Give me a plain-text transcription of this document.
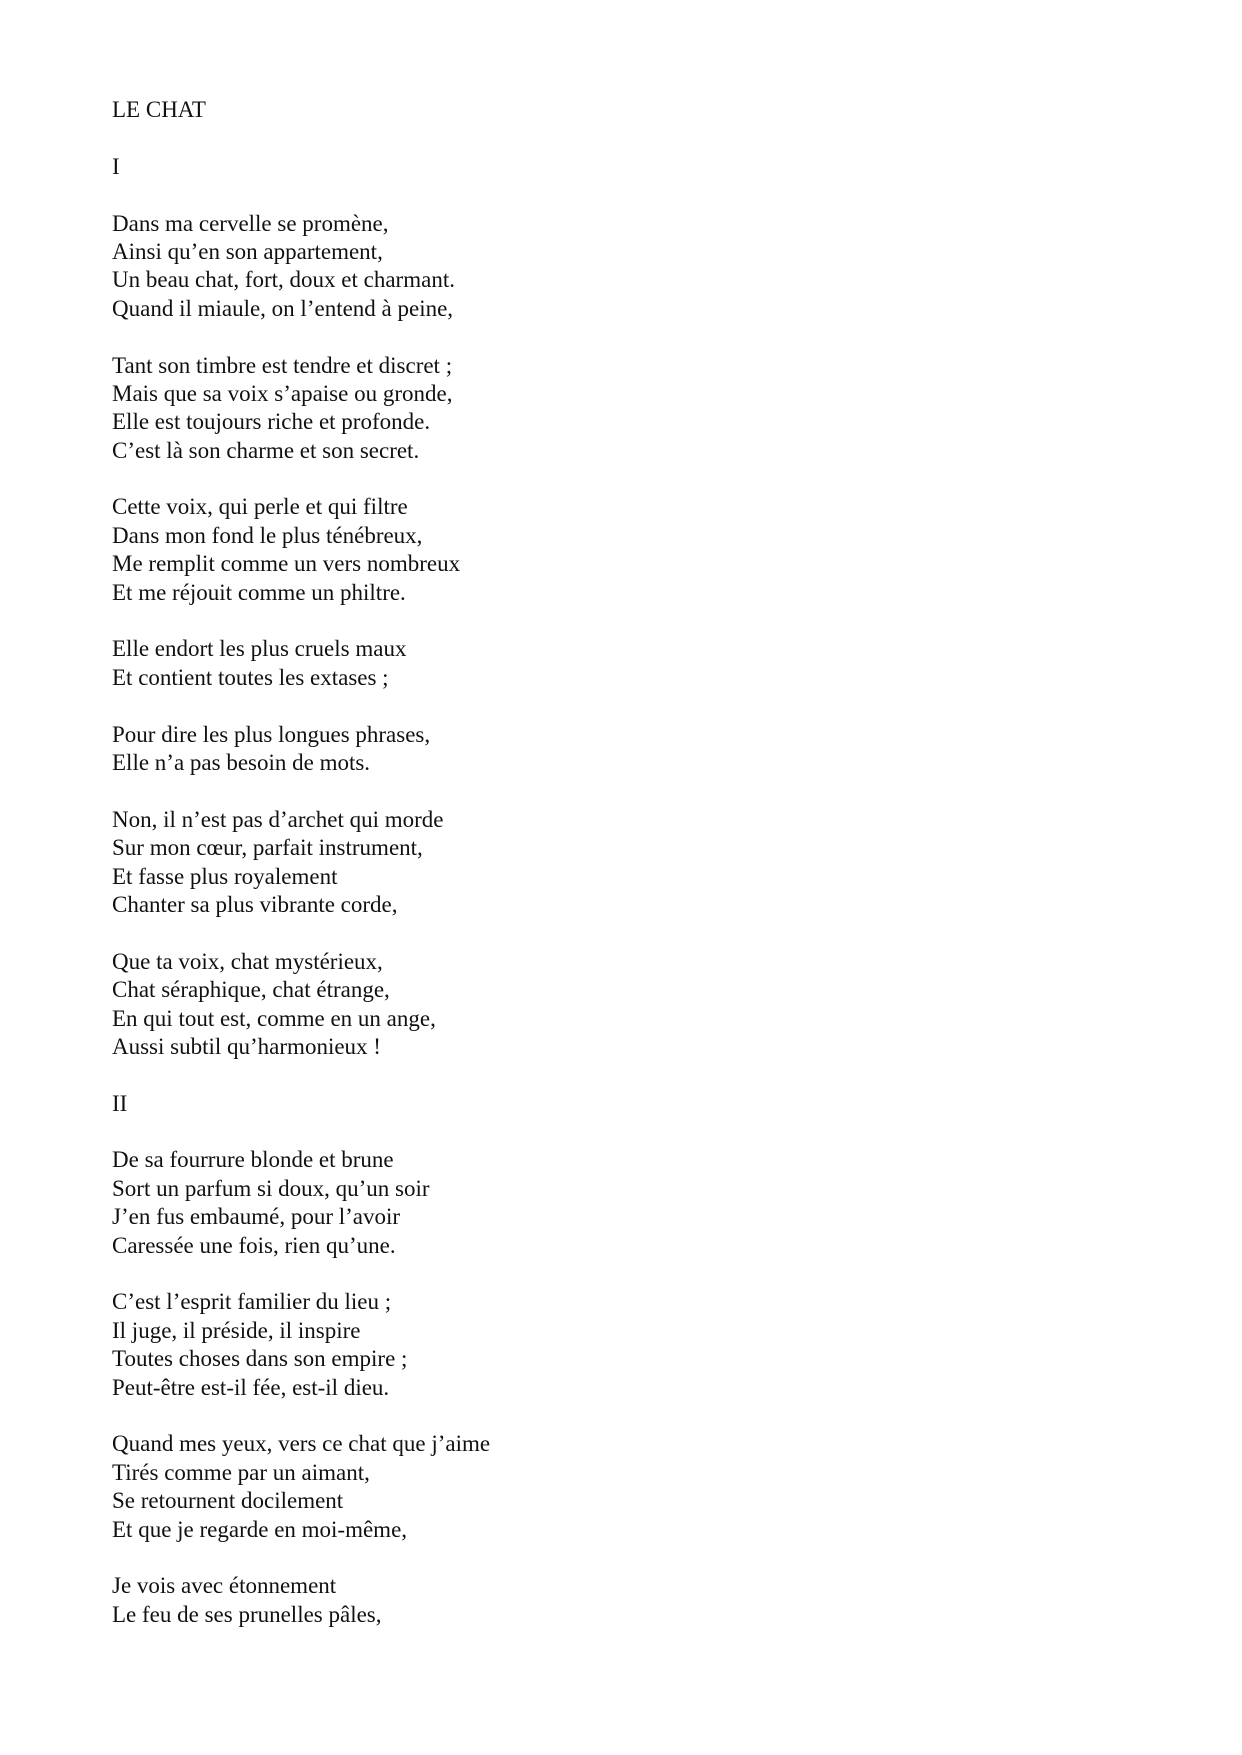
LE CHAT
I
Dans ma cervelle se promène,
Ainsi qu’en son appartement,
Un beau chat, fort, doux et charmant.
Quand il miaule, on l’entend à peine,
Tant son timbre est tendre et discret ;
Mais que sa voix s’apaise ou gronde,
Elle est toujours riche et profonde.
C’est là son charme et son secret.
Cette voix, qui perle et qui filtre
Dans mon fond le plus ténébreux,
Me remplit comme un vers nombreux
Et me réjouit comme un philtre.
Elle endort les plus cruels maux
Et contient toutes les extases ;
Pour dire les plus longues phrases,
Elle n’a pas besoin de mots.
Non, il n’est pas d’archet qui morde
Sur mon cœur, parfait instrument,
Et fasse plus royalement
Chanter sa plus vibrante corde,
Que ta voix, chat mystérieux,
Chat séraphique, chat étrange,
En qui tout est, comme en un ange,
Aussi subtil qu’harmonieux !
II
De sa fourrure blonde et brune
Sort un parfum si doux, qu’un soir
J’en fus embaumé, pour l’avoir
Caressée une fois, rien qu’une.
C’est l’esprit familier du lieu ;
Il juge, il préside, il inspire
Toutes choses dans son empire ;
Peut-être est-il fée, est-il dieu.
Quand mes yeux, vers ce chat que j’aime
Tirés comme par un aimant,
Se retournent docilement
Et que je regarde en moi-même,
Je vois avec étonnement
Le feu de ses prunelles pâles,
